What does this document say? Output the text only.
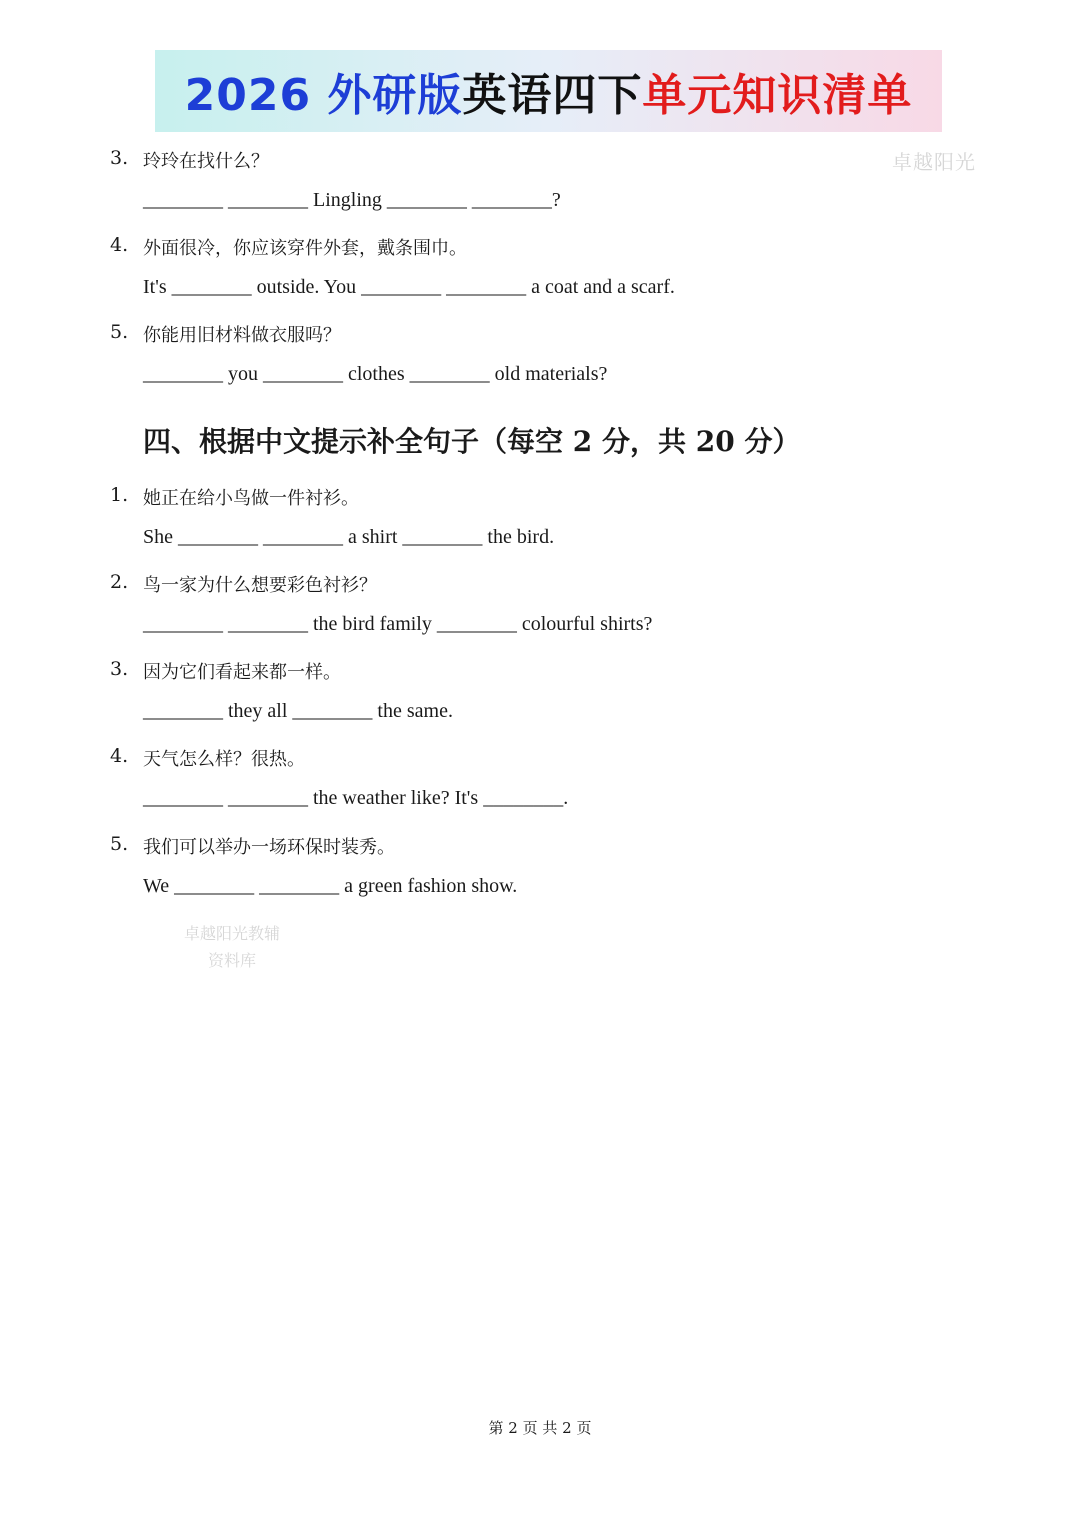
2026 外研版 英语四下 单元知识清单
卓越阳光
卓越阳光教辅
资料库
3. 玲玲在找什么？
________ ________ Lingling ________ ________?
4. 外面很冷，你应该穿件外套，戴条围巾。
It's ________ outside. You ________ ________ a coat and a scarf.
5. 你能用旧材料做衣服吗？
________ you ________ clothes ________ old materials?
四、根据中文提示补全句子（每空 2 分，共 20 分）
1. 她正在给小鸟做一件衬衫。
She ________ ________ a shirt ________ the bird.
2. 鸟一家为什么想要彩色衬衫？
________ ________ the bird family ________ colourful shirts?
3. 因为它们看起来都一样。
________ they all ________ the same.
4. 天气怎么样？很热。
________ ________ the weather like? It's ________.
5. 我们可以举办一场环保时装秀。
We ________ ________ a green fashion show.
第 2 页 共 2 页
